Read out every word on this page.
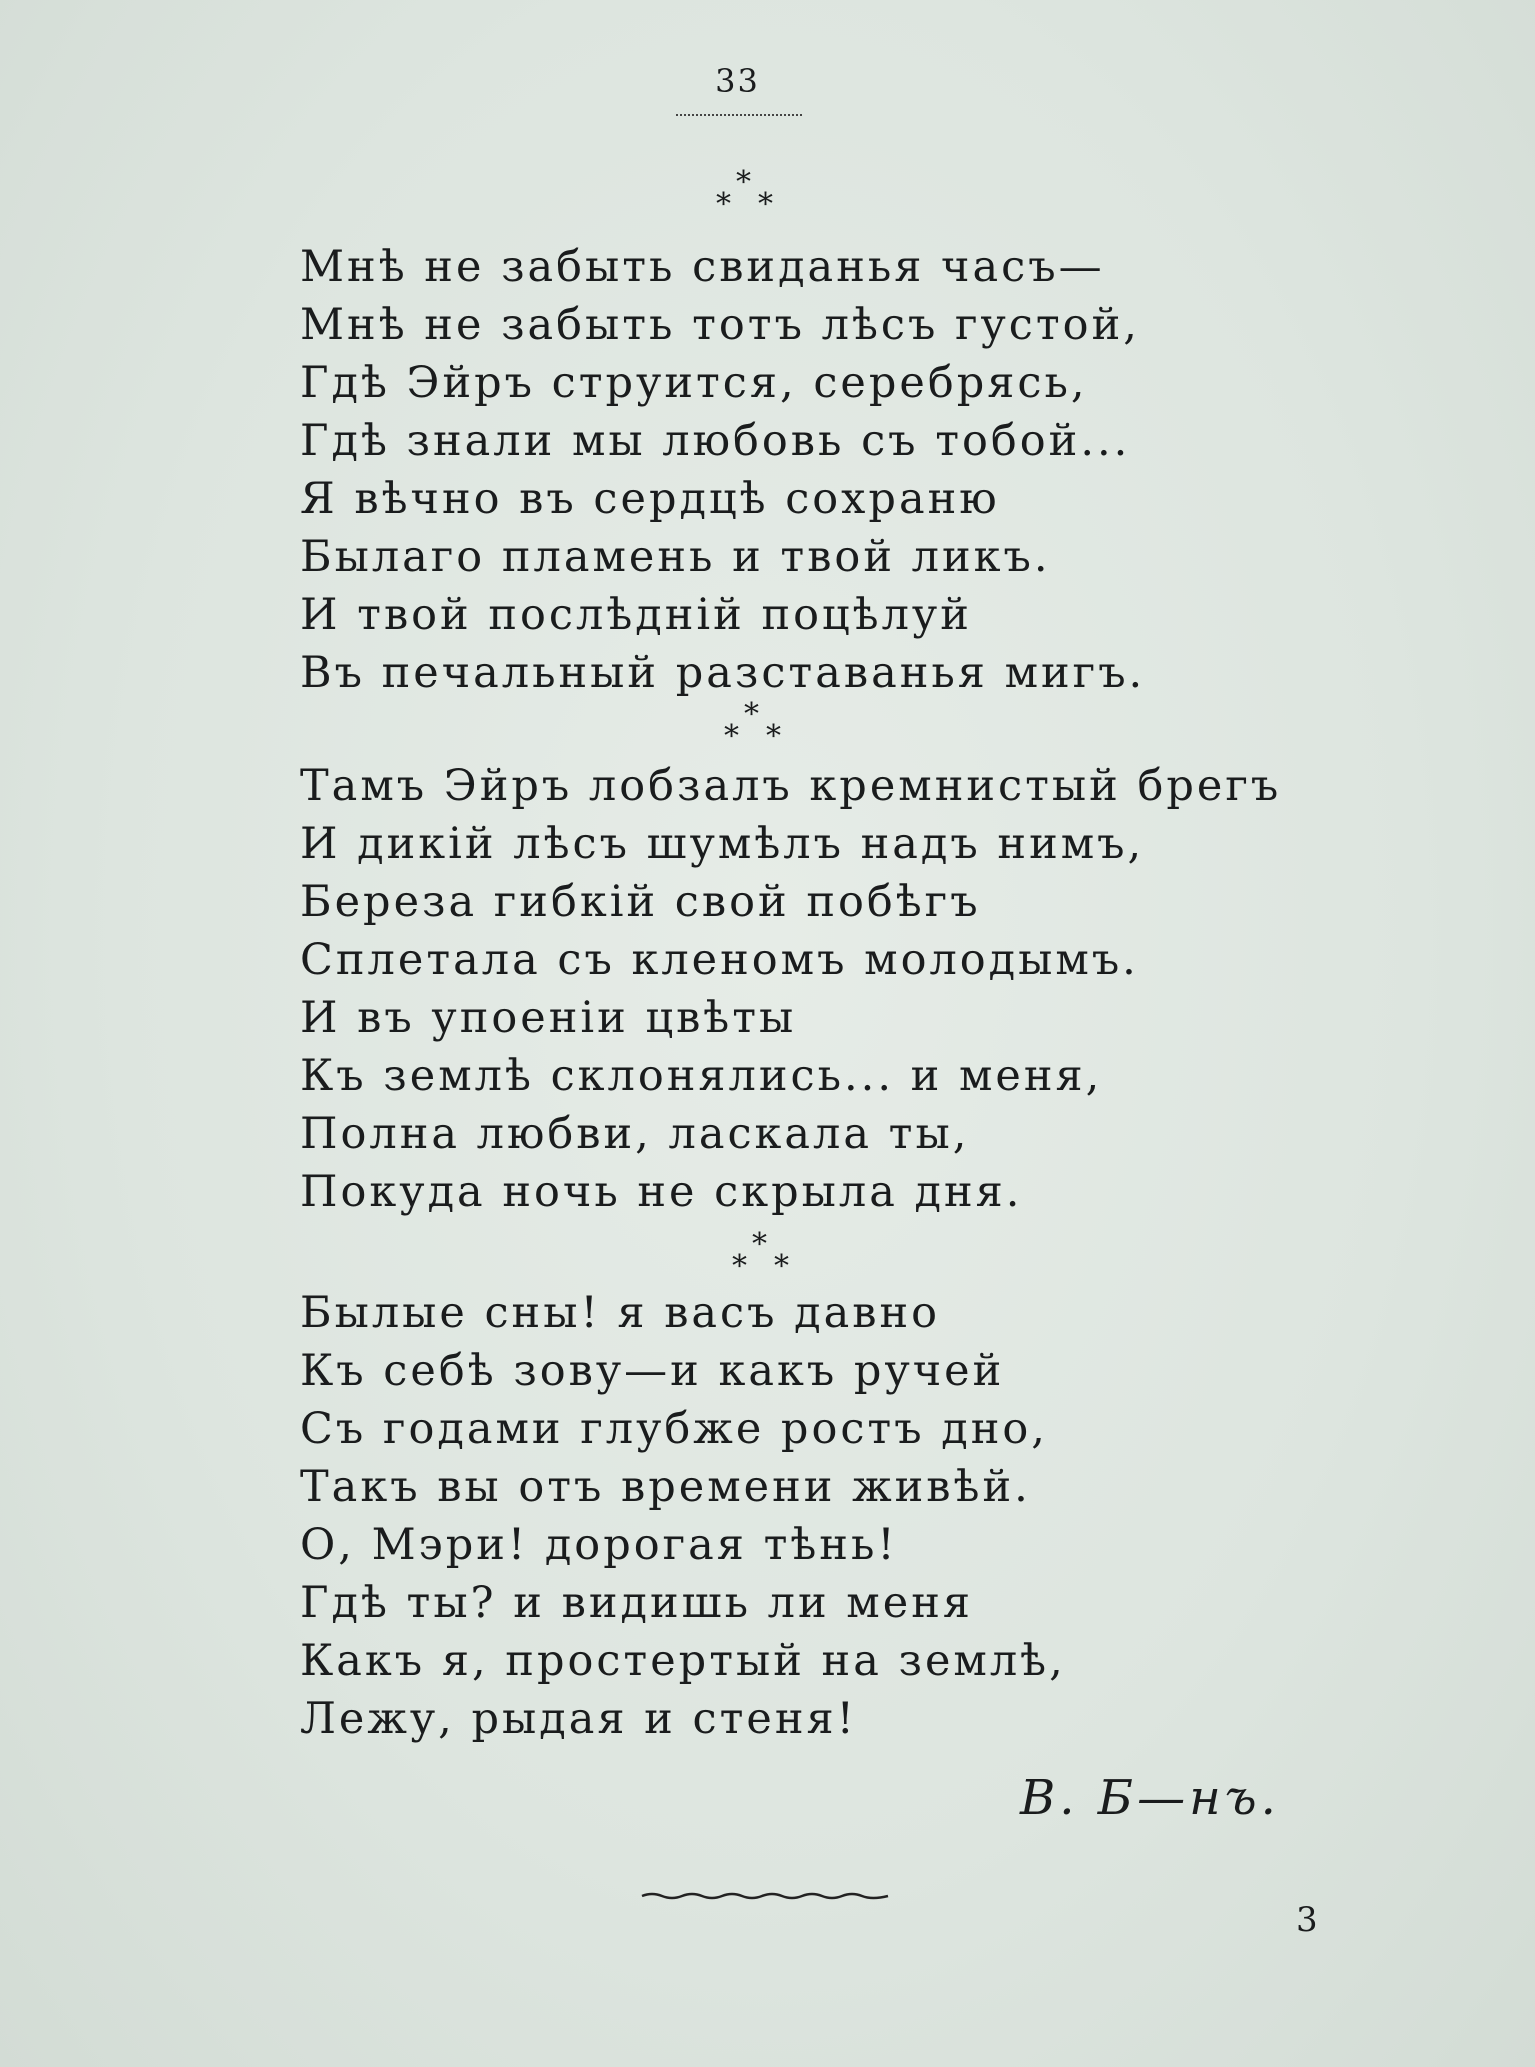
33
*
* *
Мнѣ не забыть свиданья часъ—
Мнѣ не забыть тотъ лѣсъ густой,
Гдѣ Эйръ струится, серебрясь,
Гдѣ знали мы любовь съ тобой...
Я вѣчно въ сердцѣ сохраню
Былаго пламень и твой ликъ.
И твой послѣдній поцѣлуй
Въ печальный разставанья мигъ.
*
* *
Тамъ Эйръ лобзалъ кремнистый брегъ
И дикій лѣсъ шумѣлъ надъ нимъ,
Береза гибкій свой побѣгъ
Сплетала съ кленомъ молодымъ.
И въ упоеніи цвѣты
Къ землѣ склонялись... и меня,
Полна любви, ласкала ты,
Покуда ночь не скрыла дня.
*
* *
Былые сны! я васъ давно
Къ себѣ зову—и какъ ручей
Съ годами глубже ростъ дно,
Такъ вы отъ времени живѣй.
О, Мэри! дорогая тѣнь!
Гдѣ ты? и видишь ли меня
Какъ я, простертый на землѣ,
Лежу, рыдая и стеня!
В. Б—нъ.
3
